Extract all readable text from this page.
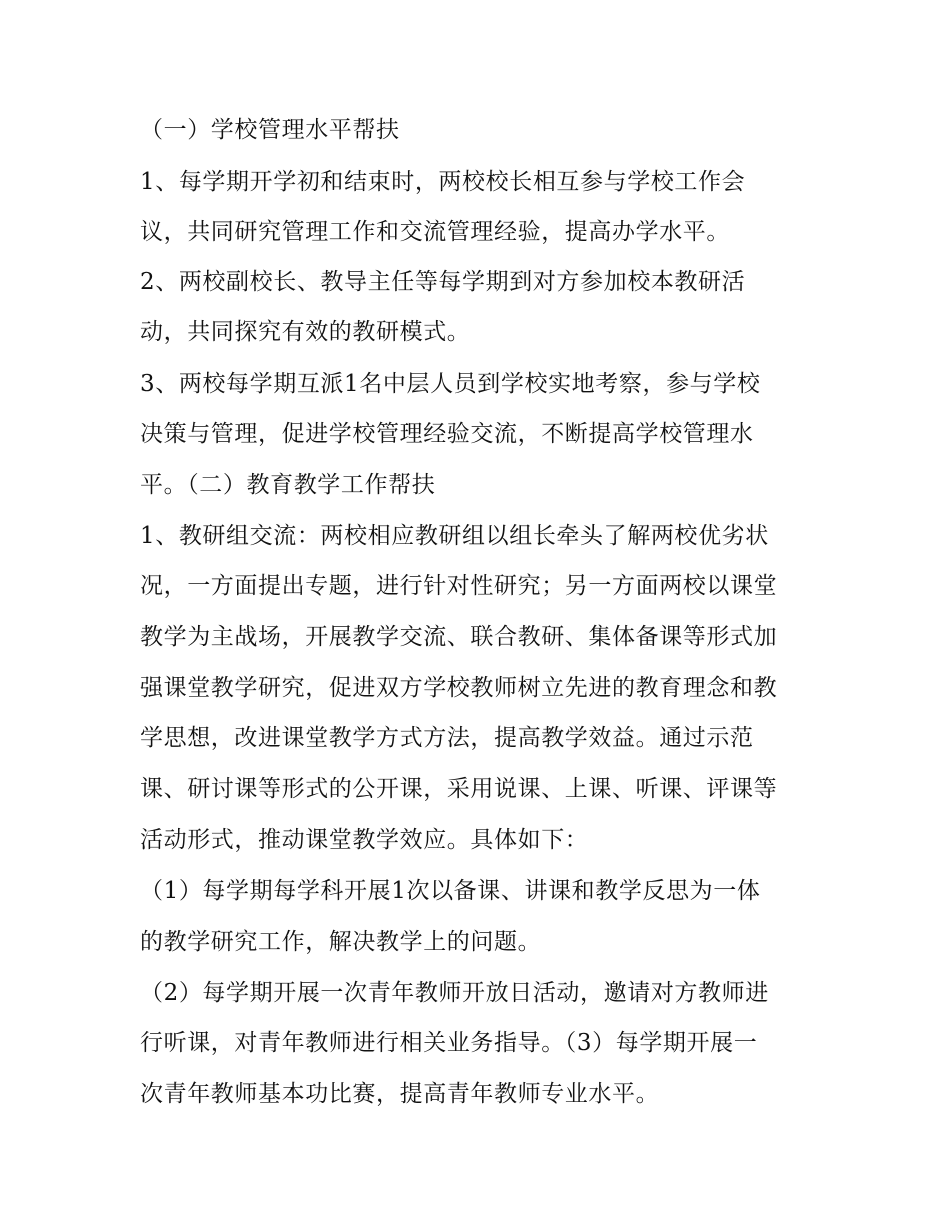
（一）学校管理水平帮扶
1、每学期开学初和结束时，两校校长相互参与学校工作会
议，共同研究管理工作和交流管理经验，提高办学水平。
2、两校副校长、教导主任等每学期到对方参加校本教研活
动，共同探究有效的教研模式。
3、两校每学期互派1名中层人员到学校实地考察，参与学校
决策与管理，促进学校管理经验交流，不断提高学校管理水
平。（二）教育教学工作帮扶
1、教研组交流：两校相应教研组以组长牵头了解两校优劣状
况，一方面提出专题，进行针对性研究；另一方面两校以课堂
教学为主战场，开展教学交流、联合教研、集体备课等形式加
强课堂教学研究，促进双方学校教师树立先进的教育理念和教
学思想，改进课堂教学方式方法，提高教学效益。通过示范
课、研讨课等形式的公开课，采用说课、上课、听课、评课等
活动形式，推动课堂教学效应。具体如下：
（1）每学期每学科开展1次以备课、讲课和教学反思为一体
的教学研究工作，解决教学上的问题。
（2）每学期开展一次青年教师开放日活动，邀请对方教师进
行听课，对青年教师进行相关业务指导。（3）每学期开展一
次青年教师基本功比赛，提高青年教师专业水平。
